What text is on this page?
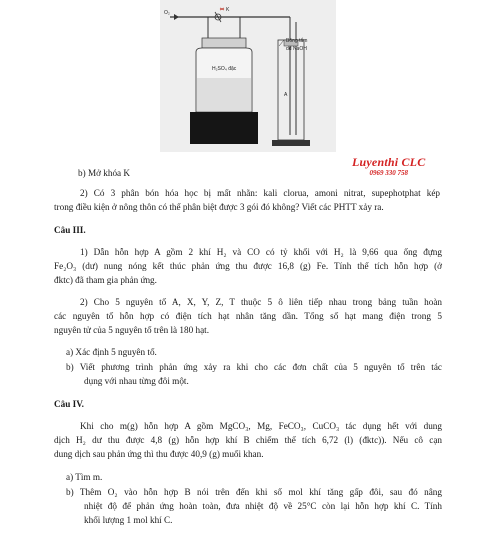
O₂	K
H₂SO₄ đặc
Bông tẩm
dd NaOH
A
Luyenthi CLC
0969 330 758
b) Mở khóa K
2) Có 3 phân bón hóa học bị mất nhãn: kali clorua, amoni nitrat, supephotphat kép
trong điều kiện ở nông thôn có thể phân biệt được 3 gói đó không? Viết các PHTT xảy ra.
Câu III.
1) Dẫn hỗn hợp A gồm 2 khí H₂ và CO có tỷ khối với H₂ là 9,66 qua ống đựng
Fe₂O₃ (dư) nung nóng kết thúc phản ứng thu được 16,8 (g) Fe. Tính thể tích hỗn hợp (ở
đktc) đã tham gia phản ứng.
2) Cho 5 nguyên tố A, X, Y, Z, T thuộc 5 ô liên tiếp nhau trong bảng tuần hoàn
các nguyên tố hỗn hợp có điện tích hạt nhân tăng dần. Tổng số hạt mang điện trong 5
nguyên tử của 5 nguyên tố trên là 180 hạt.
a) Xác định 5 nguyên tố.
b) Viết phương trình phản ứng xảy ra khi cho các đơn chất của 5 nguyên tố trên tác
dụng với nhau từng đôi một.
Câu IV.
Khi cho m(g) hỗn hợp A gồm MgCO₃, Mg, FeCO₃, CuCO₃ tác dụng hết với dung
dịch H₂ dư thu được 4,8 (g) hỗn hợp khí B chiếm thể tích 6,72 (l) (đktc)). Nếu cô cạn
dung dịch sau phản ứng thì thu được 40,9 (g) muối khan.
a) Tìm m.
b) Thêm O₂ vào hỗn hợp B nói trên đến khi số mol khí tăng gấp đôi, sau đó nâng
nhiệt độ để phản ứng hoàn toàn, đưa nhiệt độ về 25°C còn lại hỗn hợp khí C. Tính
khối lượng 1 mol khí C.
